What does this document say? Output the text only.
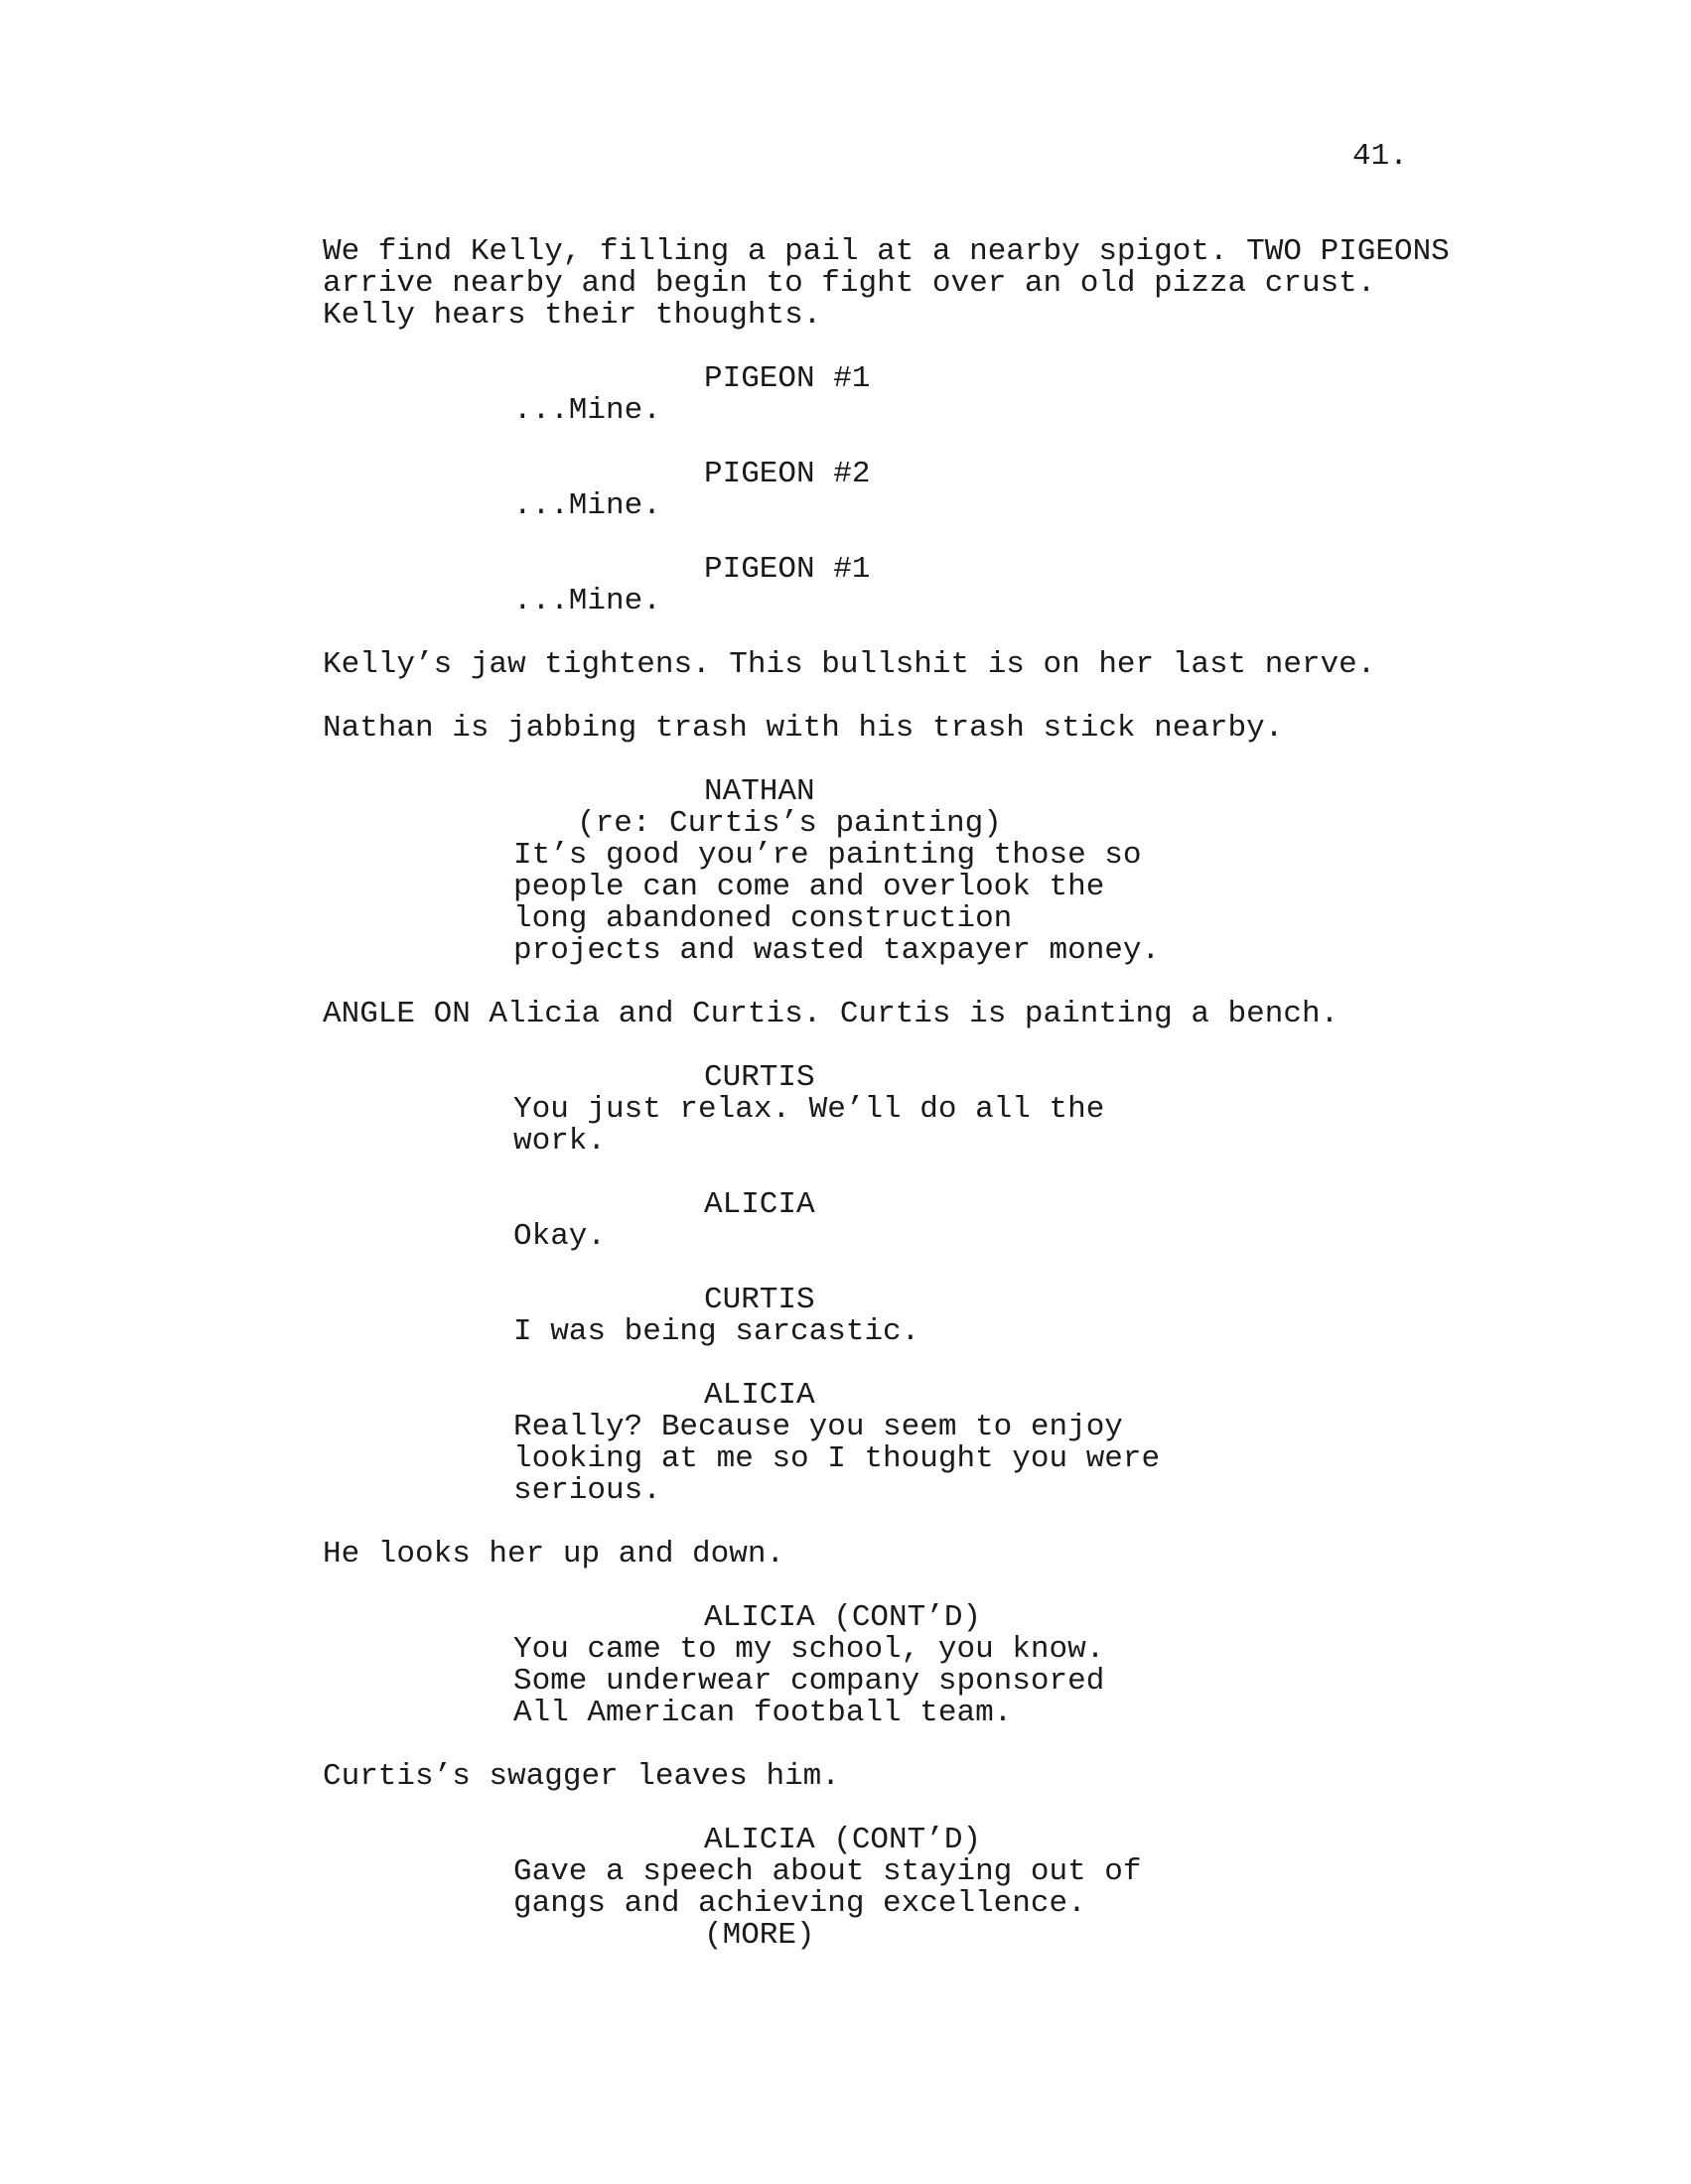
41.
We find Kelly, filling a pail at a nearby spigot. TWO PIGEONS
arrive nearby and begin to fight over an old pizza crust.
Kelly hears their thoughts.
PIGEON #1
...Mine.
PIGEON #2
...Mine.
PIGEON #1
...Mine.
Kelly’s jaw tightens. This bullshit is on her last nerve.
Nathan is jabbing trash with his trash stick nearby.
NATHAN
(re: Curtis’s painting)
It’s good you’re painting those so
people can come and overlook the
long abandoned construction
projects and wasted taxpayer money.
ANGLE ON Alicia and Curtis. Curtis is painting a bench.
CURTIS
You just relax. We’ll do all the
work.
ALICIA
Okay.
CURTIS
I was being sarcastic.
ALICIA
Really? Because you seem to enjoy
looking at me so I thought you were
serious.
He looks her up and down.
ALICIA (CONT’D)
You came to my school, you know.
Some underwear company sponsored
All American football team.
Curtis’s swagger leaves him.
ALICIA (CONT’D)
Gave a speech about staying out of
gangs and achieving excellence.
(MORE)
